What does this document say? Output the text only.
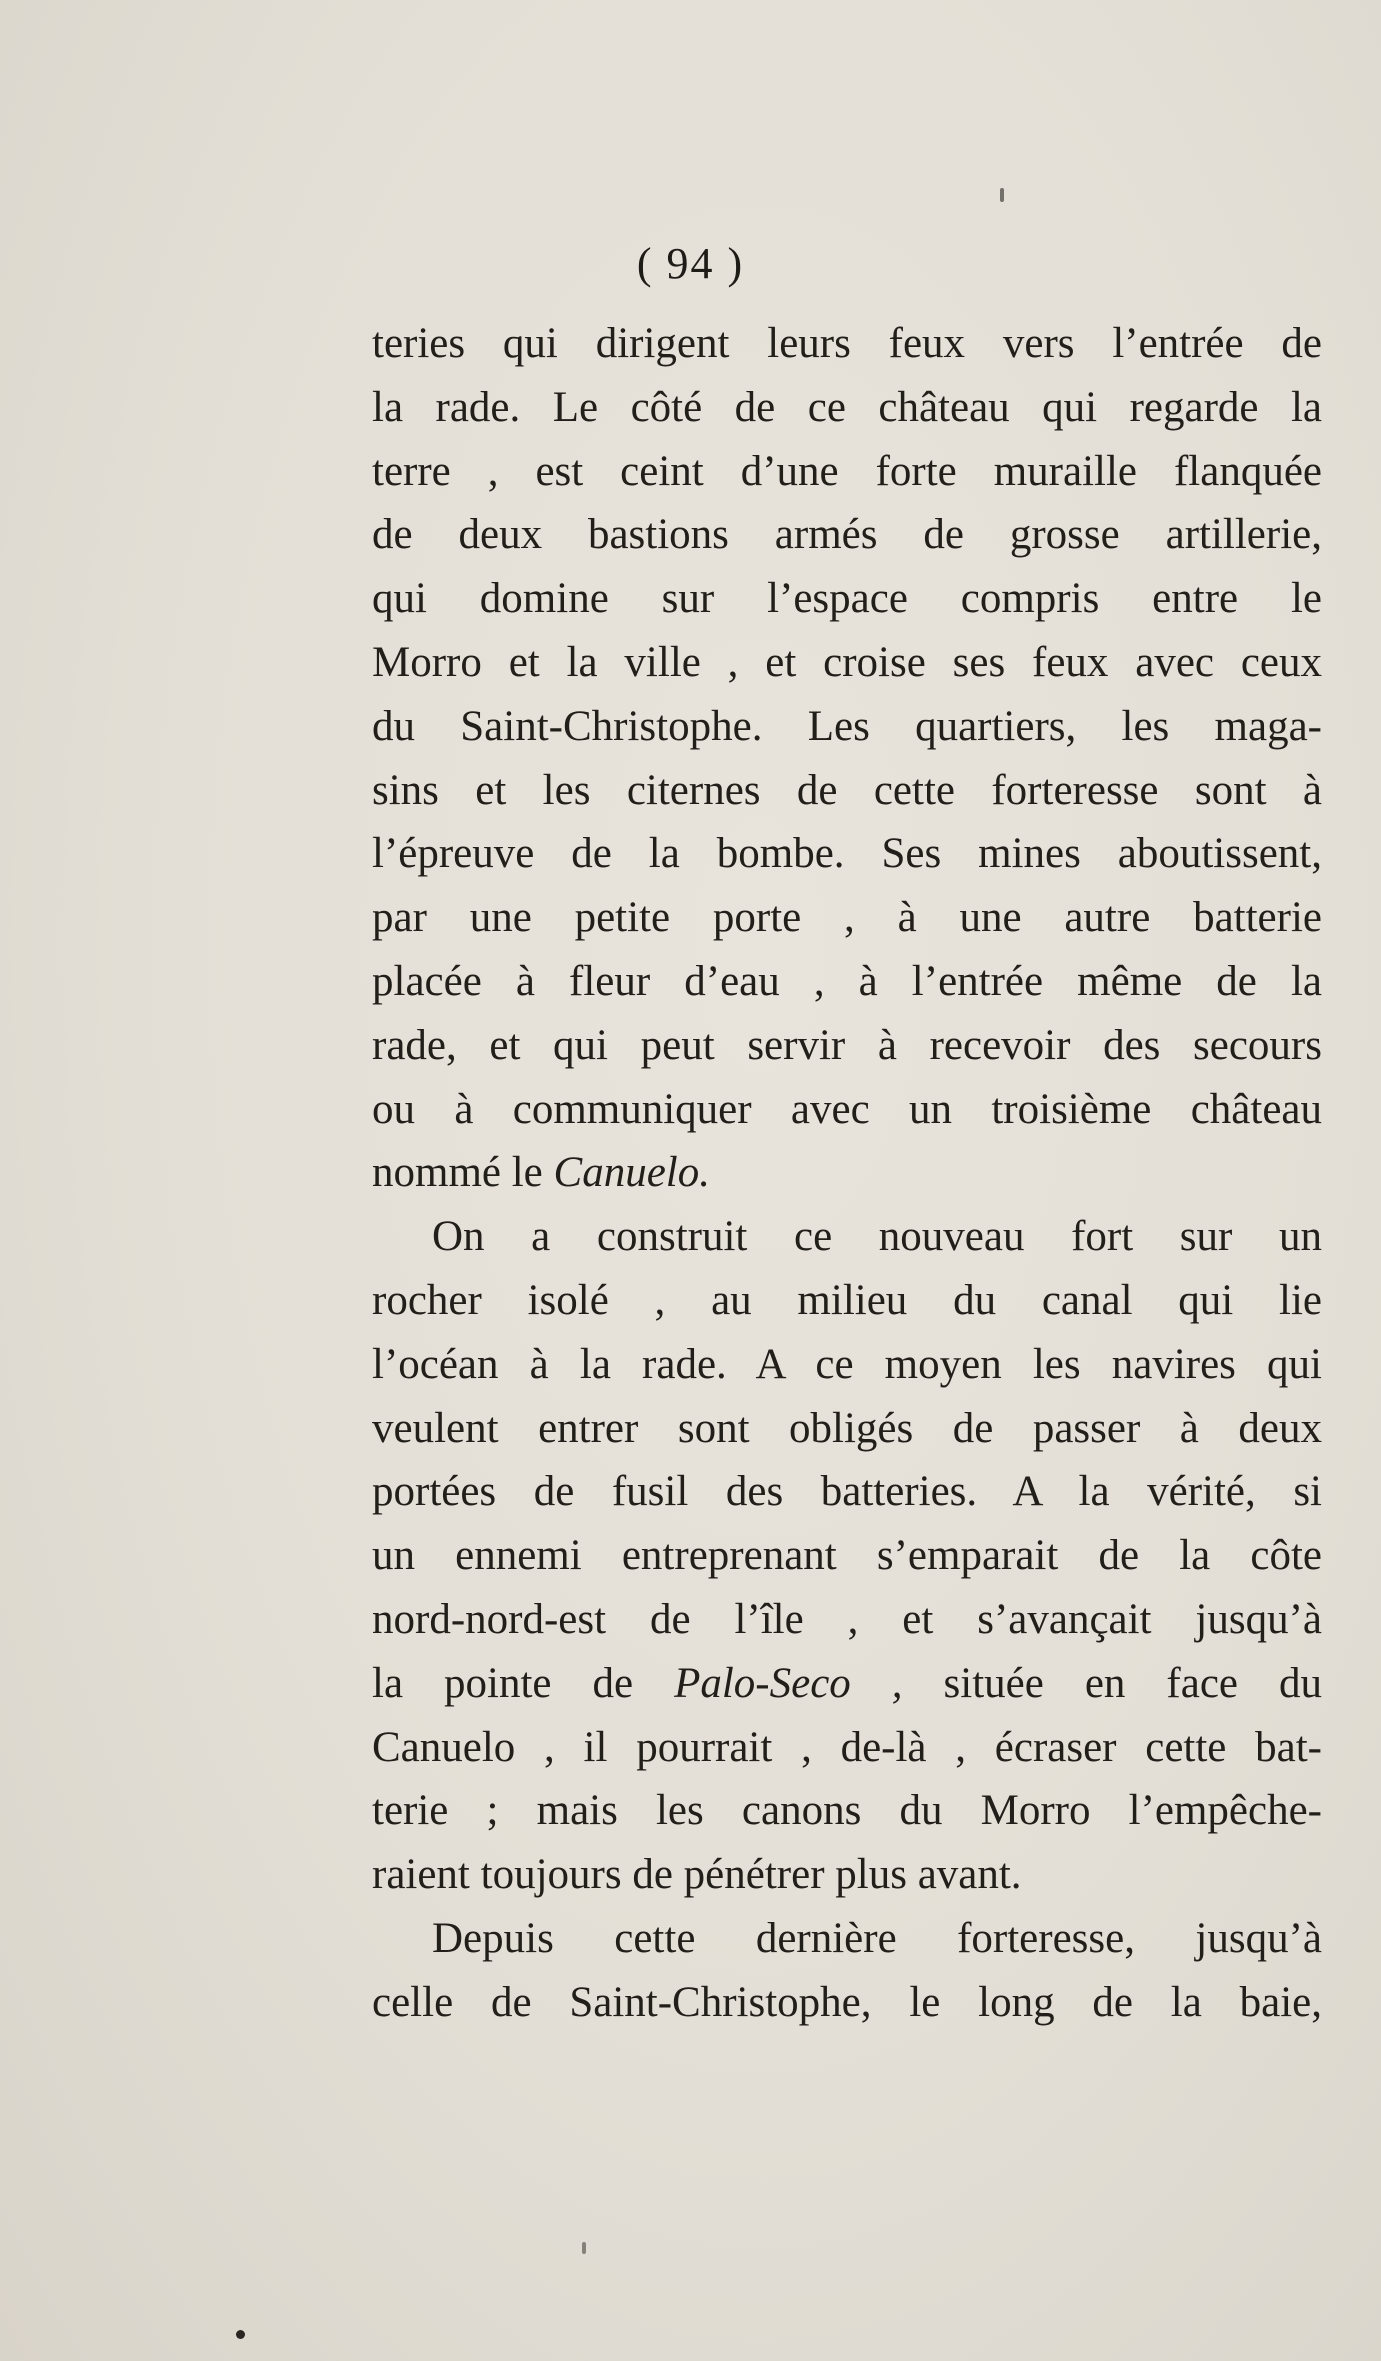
( 94 )
teries qui dirigent leurs feux vers l’entrée de
la rade. Le côté de ce château qui regarde la
terre , est ceint d’une forte muraille flanquée
de deux bastions armés de grosse artillerie,
qui domine sur l’espace compris entre le
Morro et la ville , et croise ses feux avec ceux
du Saint-Christophe. Les quartiers, les maga-
sins et les citernes de cette forteresse sont à
l’épreuve de la bombe. Ses mines aboutissent,
par une petite porte , à une autre batterie
placée à fleur d’eau , à l’entrée même de la
rade, et qui peut servir à recevoir des secours
ou à communiquer avec un troisième château
nommé le Canuelo.
On a construit ce nouveau fort sur un
rocher isolé , au milieu du canal qui lie
l’océan à la rade. A ce moyen les navires qui
veulent entrer sont obligés de passer à deux
portées de fusil des batteries. A la vérité, si
un ennemi entreprenant s’emparait de la côte
nord-nord-est de l’île , et s’avançait jusqu’à
la pointe de Palo-Seco , située en face du
Canuelo , il pourrait , de-là , écraser cette bat-
terie ; mais les canons du Morro l’empêche-
raient toujours de pénétrer plus avant.
Depuis cette dernière forteresse, jusqu’à
celle de Saint-Christophe, le long de la baie,
